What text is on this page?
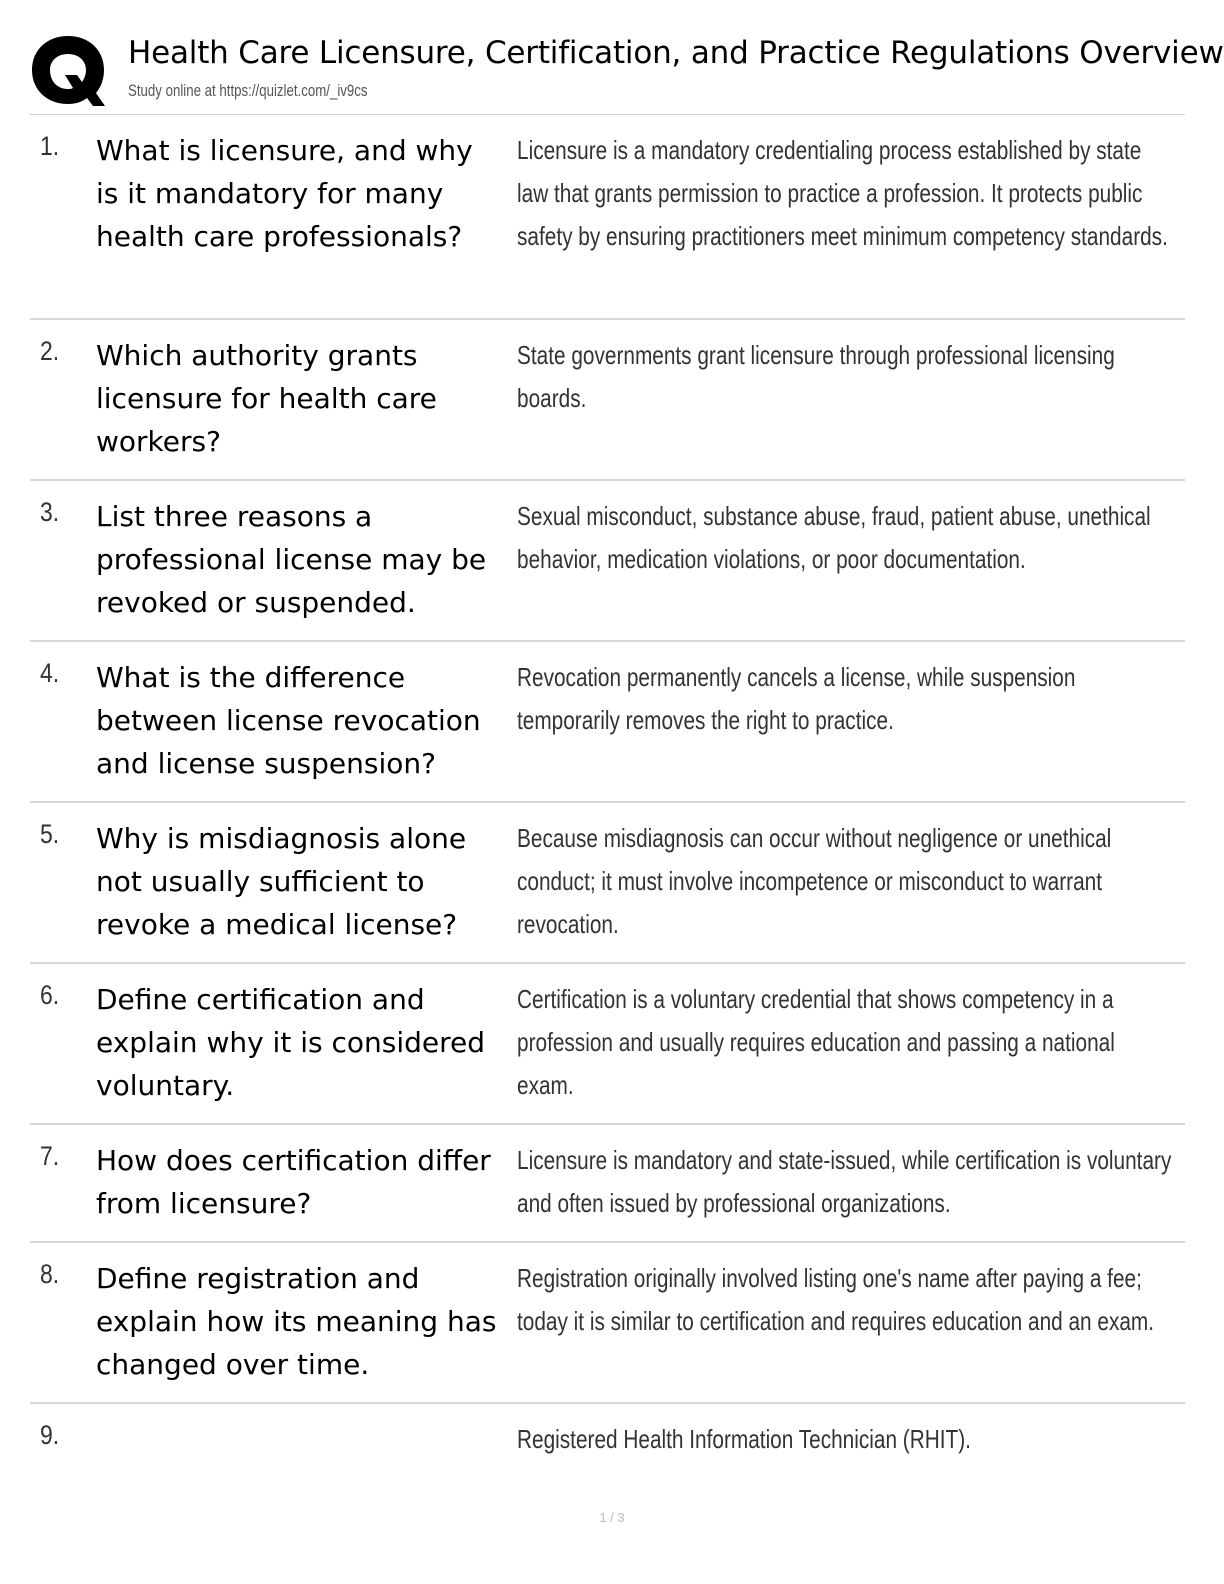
Health Care Licensure, Certification, and Practice Regulations Overview
Study online at https://quizlet.com/_iv9cs
1. What is licensure, and why is it mandatory for many health care professionals?
Licensure is a mandatory credentialing process established by state law that grants permission to practice a profession. It protects public safety by ensuring practitioners meet minimum competency standards.
2. Which authority grants licensure for health care workers?
State governments grant licensure through professional licensing boards.
3. List three reasons a professional license may be revoked or suspended.
Sexual misconduct, substance abuse, fraud, patient abuse, unethical behavior, medication violations, or poor documentation.
4. What is the difference between license revocation and license suspension?
Revocation permanently cancels a license, while suspension temporarily removes the right to practice.
5. Why is misdiagnosis alone not usually sufficient to revoke a medical license?
Because misdiagnosis can occur without negligence or unethical conduct; it must involve incompetence or misconduct to warrant revocation.
6. Define certification and explain why it is considered voluntary.
Certification is a voluntary credential that shows competency in a profession and usually requires education and passing a national exam.
7. How does certification differ from licensure?
Licensure is mandatory and state-issued, while certification is voluntary and often issued by professional organizations.
8. Define registration and explain how its meaning has changed over time.
Registration originally involved listing one's name after paying a fee; today it is similar to certification and requires education and an exam.
9.	Registered Health Information Technician (RHIT).
1 / 3
